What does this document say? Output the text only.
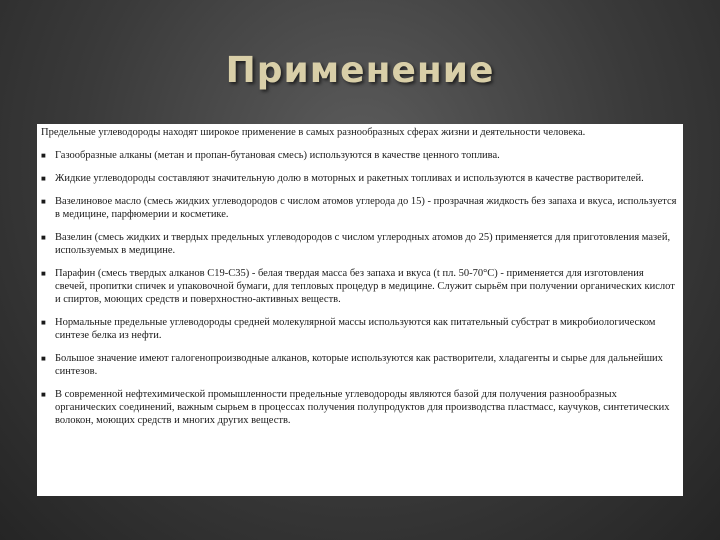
Применение

Предельные углеводороды находят широкое применение в самых разнообразных сферах жизни и деятельности человека.

■ Газообразные алканы (метан и пропан-бутановая смесь) используются в качестве ценного топлива.
■ Жидкие углеводороды составляют значительную долю в моторных и ракетных топливах и используются в качестве растворителей.
■ Вазелиновое масло (смесь жидких углеводородов с числом атомов углерода до 15) - прозрачная жидкость без запаха и вкуса, используется в медицине, парфюмерии и косметике.
■ Вазелин (смесь жидких и твердых предельных углеводородов с числом углеродных атомов до 25) применяется для приготовления мазей, используемых в медицине.
■ Парафин (смесь твердых алканов C19-C35) - белая твердая масса без запаха и вкуса (t пл. 50-70°C) - применяется для изготовления свечей, пропитки спичек и упаковочной бумаги, для тепловых процедур в медицине. Служит сырьём при получении органических кислот и спиртов, моющих средств и поверхностно-активных веществ.
■ Нормальные предельные углеводороды средней молекулярной массы используются как питательный субстрат в микробиологическом синтезе белка из нефти.
■ Большое значение имеют галогенопроизводные алканов, которые используются как растворители, хладагенты и сырье для дальнейших синтезов.
■ В современной нефтехимической промышленности предельные углеводороды являются базой для получения разнообразных органических соединений, важным сырьем в процессах получения полупродуктов для производства пластмасс, каучуков, синтетических волокон, моющих средств и многих других веществ.
